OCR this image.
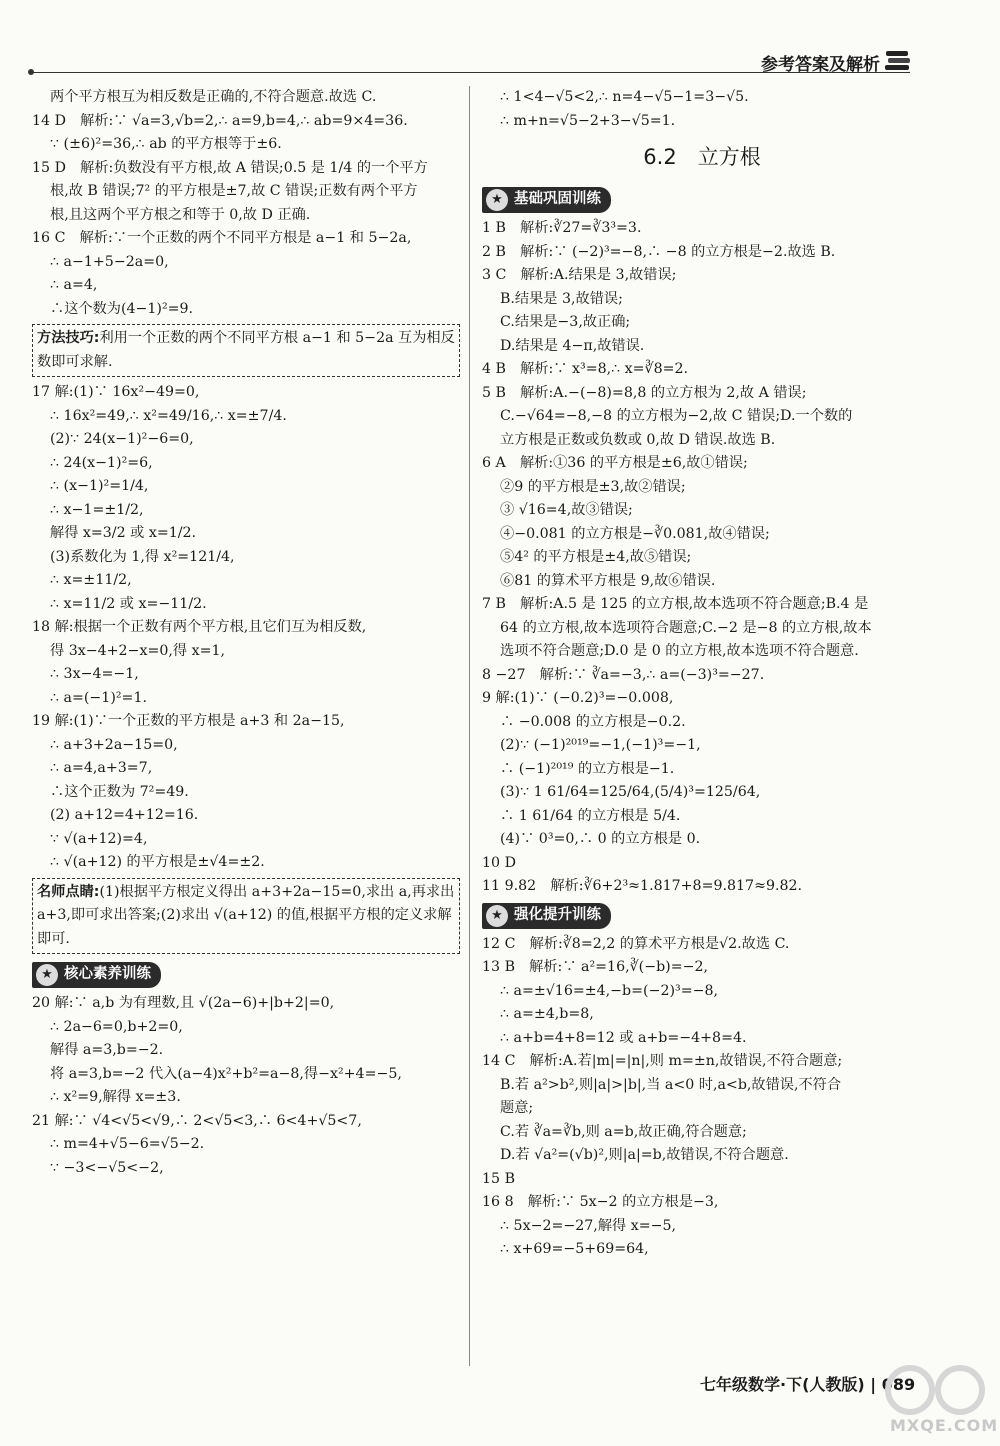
参考答案及解析
两个平方根互为相反数是正确的,不符合题意.故选 C.
14 D　解析:∵ √a=3,√b=2,∴ a=9,b=4,∴ ab=9×4=36.
∵ (±6)²=36,∴ ab 的平方根等于±6.
15 D　解析:负数没有平方根,故 A 错误;0.5 是 1/4 的一个平方
根,故 B 错误;7² 的平方根是±7,故 C 错误;正数有两个平方
根,且这两个平方根之和等于 0,故 D 正确.
16 C　解析:∵一个正数的两个不同平方根是 a−1 和 5−2a,
∴ a−1+5−2a=0,
∴ a=4,
∴这个数为(4−1)²=9.
方法技巧:利用一个正数的两个不同平方根 a−1 和 5−2a 互为相反数即可求解.
17 解:(1)∵ 16x²−49=0,
∴ 16x²=49,∴ x²=49/16,∴ x=±7/4.
(2)∵ 24(x−1)²−6=0,
∴ 24(x−1)²=6,
∴ (x−1)²=1/4,
∴ x−1=±1/2,
解得 x=3/2 或 x=1/2.
(3)系数化为 1,得 x²=121/4,
∴ x=±11/2,
∴ x=11/2 或 x=−11/2.
18 解:根据一个正数有两个平方根,且它们互为相反数,
得 3x−4+2−x=0,得 x=1,
∴ 3x−4=−1,
∴ a=(−1)²=1.
19 解:(1)∵一个正数的平方根是 a+3 和 2a−15,
∴ a+3+2a−15=0,
∴ a=4,a+3=7,
∴这个正数为 7²=49.
(2) a+12=4+12=16.
∵ √(a+12)=4,
∴ √(a+12) 的平方根是±√4=±2.
名师点睛:(1)根据平方根定义得出 a+3+2a−15=0,求出 a,再求出 a+3,即可求出答案;(2)求出 √(a+12) 的值,根据平方根的定义求解即可.
★ 核心素养训练
20 解:∵ a,b 为有理数,且 √(2a−6)+|b+2|=0,
∴ 2a−6=0,b+2=0,
解得 a=3,b=−2.
将 a=3,b=−2 代入(a−4)x²+b²=a−8,得−x²+4=−5,
∴ x²=9,解得 x=±3.
21 解:∵ √4<√5<√9,∴ 2<√5<3,∴ 6<4+√5<7,
∴ m=4+√5−6=√5−2.
∵ −3<−√5<−2,
∴ 1<4−√5<2,∴ n=4−√5−1=3−√5.
∴ m+n=√5−2+3−√5=1.
6.2　立方根
★ 基础巩固训练
1 B　解析:∛27=∛3³=3.
2 B　解析:∵ (−2)³=−8,∴ −8 的立方根是−2.故选 B.
3 C　解析:A.结果是 3,故错误;
B.结果是 3,故错误;
C.结果是−3,故正确;
D.结果是 4−π,故错误.
4 B　解析:∵ x³=8,∴ x=∛8=2.
5 B　解析:A.−(−8)=8,8 的立方根为 2,故 A 错误;
C.−√64=−8,−8 的立方根为−2,故 C 错误;D.一个数的
立方根是正数或负数或 0,故 D 错误.故选 B.
6 A　解析:①36 的平方根是±6,故①错误;
②9 的平方根是±3,故②错误;
③ √16=4,故③错误;
④−0.081 的立方根是−∛0.081,故④错误;
⑤4² 的平方根是±4,故⑤错误;
⑥81 的算术平方根是 9,故⑥错误.
7 B　解析:A.5 是 125 的立方根,故本选项不符合题意;B.4 是
64 的立方根,故本选项符合题意;C.−2 是−8 的立方根,故本
选项不符合题意;D.0 是 0 的立方根,故本选项不符合题意.
8 −27　解析:∵ ∛a=−3,∴ a=(−3)³=−27.
9 解:(1)∵ (−0.2)³=−0.008,
∴ −0.008 的立方根是−0.2.
(2)∵ (−1)²⁰¹⁹=−1,(−1)³=−1,
∴ (−1)²⁰¹⁹ 的立方根是−1.
(3)∵ 1 61/64=125/64,(5/4)³=125/64,
∴ 1 61/64 的立方根是 5/4.
(4)∵ 0³=0,∴ 0 的立方根是 0.
10 D
11 9.82　解析:∛6+2³≈1.817+8=9.817≈9.82.
★ 强化提升训练
12 C　解析:∛8=2,2 的算术平方根是√2.故选 C.
13 B　解析:∵ a²=16,∛(−b)=−2,
∴ a=±√16=±4,−b=(−2)³=−8,
∴ a=±4,b=8,
∴ a+b=4+8=12 或 a+b=−4+8=4.
14 C　解析:A.若|m|=|n|,则 m=±n,故错误,不符合题意;
B.若 a²>b²,则|a|>|b|,当 a<0 时,a<b,故错误,不符合
题意;
C.若 ∛a=∛b,则 a=b,故正确,符合题意;
D.若 √a²=(√b)²,则|a|=b,故错误,不符合题意.
15 B
16 8　解析:∵ 5x−2 的立方根是−3,
∴ 5x−2=−27,解得 x=−5,
∴ x+69=−5+69=64,
七年级数学·下(人教版) | 089
MXQE.COM
